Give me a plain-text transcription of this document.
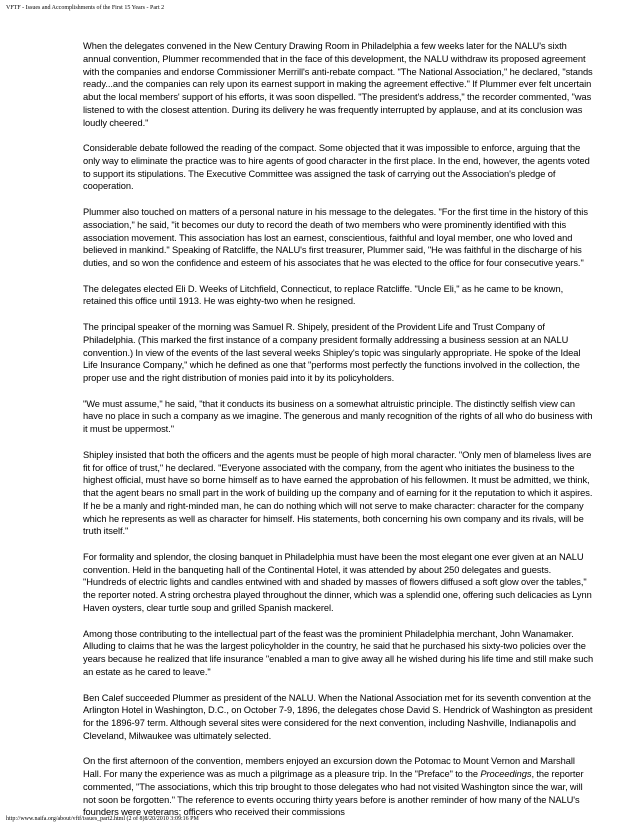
VFTF - Issues and Accomplishments of the First 15 Years - Part 2

When the delegates convened in the New Century Drawing Room in Philadelphia a few weeks later for the NALU's sixth annual convention, Plummer recommended that in the face of this development, the NALU withdraw its proposed agreement with the companies and endorse Commissioner Merrill's anti-rebate compact. "The National Association," he declared, "stands ready...and the companies can rely upon its earnest support in making the agreement effective." If Plummer ever felt uncertain abut the local members' support of his efforts, it was soon dispelled. "The president's address," the recorder commented, "was listened to with the closest attention. During its delivery he was frequently interrupted by applause, and at its conclusion was loudly cheered."

Considerable debate followed the reading of the compact. Some objected that it was impossible to enforce, arguing that the only way to eliminate the practice was to hire agents of good character in the first place. In the end, however, the agents voted to support its stipulations. The Executive Committee was assigned the task of carrying out the Association's pledge of cooperation.

Plummer also touched on matters of a personal nature in his message to the delegates. "For the first time in the history of this association," he said, "it becomes our duty to record the death of two members who were prominently identified with this association movement. This association has lost an earnest, conscientious, faithful and loyal member, one who loved and believed in mankind." Speaking of Ratcliffe, the NALU's first treasurer, Plummer said, "He was faithful in the discharge of his duties, and so won the confidence and esteem of his associates that he was elected to the office for four consecutive years."

The delegates elected Eli D. Weeks of Litchfield, Connecticut, to replace Ratcliffe. "Uncle Eli," as he came to be known, retained this office until 1913. He was eighty-two when he resigned.

The principal speaker of the morning was Samuel R. Shipely, president of the Provident Life and Trust Company of Philadelphia. (This marked the first instance of a company president formally addressing a business session at an NALU convention.) In view of the events of the last several weeks Shipley's topic was singularly appropriate. He spoke of the Ideal Life Insurance Company," which he defined as one that "performs most perfectly the functions involved in the collection, the proper use and the right distribution of monies paid into it by its policyholders.

"We must assume," he said, "that it conducts its business on a somewhat altruistic principle. The distinctly selfish view can have no place in such a company as we imagine. The generous and manly recognition of the rights of all who do business with it must be uppermost."

Shipley insisted that both the officers and the agents must be people of high moral character. "Only men of blameless lives are fit for office of trust," he declared. "Everyone associated with the company, from the agent who initiates the business to the highest official, must have so borne himself as to have earned the approbation of his fellowmen. It must be admitted, we think, that the agent bears no small part in the work of building up the company and of earning for it the reputation to which it aspires. If he be a manly and right-minded man, he can do nothing which will not serve to make character: character for the company which he represents as well as character for himself. His statements, both concerning his own company and its rivals, will be truth itself."

For formality and splendor, the closing banquet in Philadelphia must have been the most elegant one ever given at an NALU convention. Held in the banqueting hall of the Continental Hotel, it was attended by about 250 delegates and guests. "Hundreds of electric lights and candles entwined with and shaded by masses of flowers diffused a soft glow over the tables," the reporter noted. A string orchestra played throughout the dinner, which was a splendid one, offering such delicacies as Lynn Haven oysters, clear turtle soup and grilled Spanish mackerel.

Among those contributing to the intellectual part of the feast was the prominient Philadelphia merchant, John Wanamaker. Alluding to claims that he was the largest policyholder in the country, he said that he purchased his sixty-two policies over the years because he realized that life insurance "enabled a man to give away all he wished during his life time and still make such an estate as he cared to leave."

Ben Calef succeeded Plummer as president of the NALU. When the National Association met for its seventh convention at the Arlington Hotel in Washington, D.C., on October 7-9, 1896, the delegates chose David S. Hendrick of Washington as president for the 1896-97 term. Although several sites were considered for the next convention, including Nashville, Indianapolis and Cleveland, Milwaukee was ultimately selected.

On the first afternoon of the convention, members enjoyed an excursion down the Potomac to Mount Vernon and Marshall Hall. For many the experience was as much a pilgrimage as a pleasure trip. In the "Preface" to the Proceedings, the reporter commented, "The associations, which this trip brought to those delegates who had not visited Washington since the war, will not soon be forgotten." The reference to events occuring thirty years before is another reminder of how many of the NALU's founders were veterans; officers who received their commissions

http://www.naifa.org/about/vftf/issues_part2.html (2 of 8)8/20/2010 3:09:16 PM
